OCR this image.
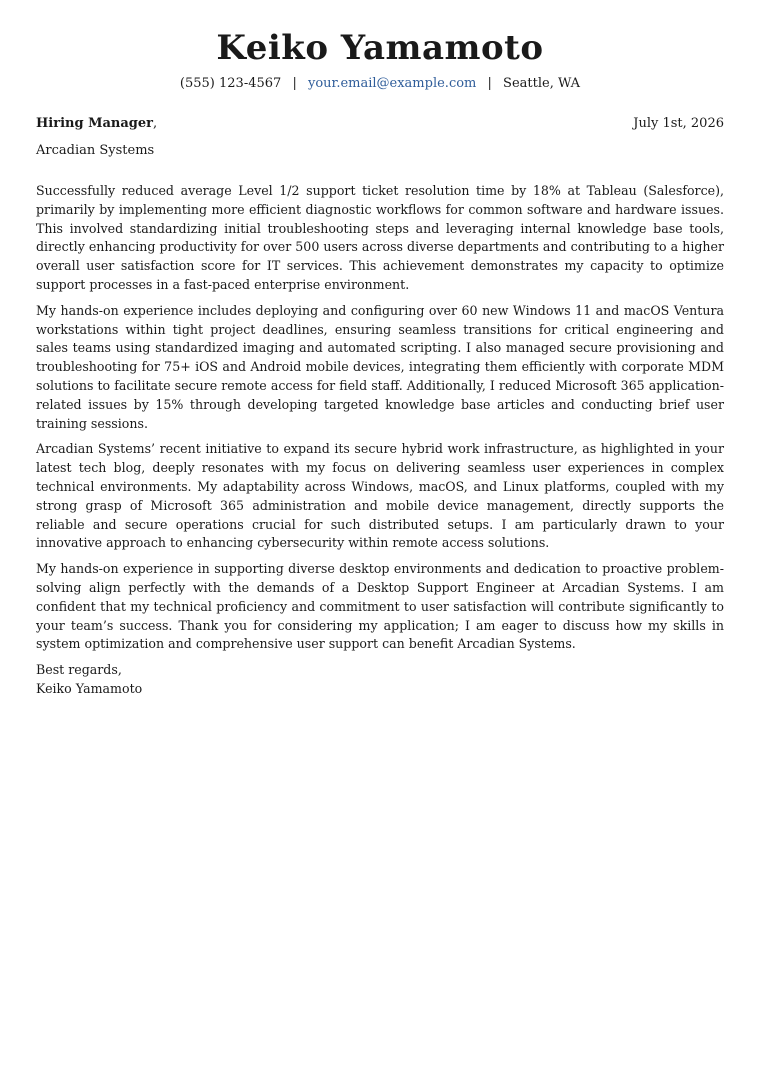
Keiko Yamamoto
(555) 123-4567 | your.email@example.com | Seattle, WA
Hiring Manager,	July 1st, 2026
Arcadian Systems

Successfully reduced average Level 1/2 support ticket resolution time by 18% at Tableau (Salesforce), primarily by implementing more efficient diagnostic workflows for common software and hardware issues. This involved standardizing initial troubleshooting steps and leveraging internal knowledge base tools, directly enhancing productivity for over 500 users across diverse departments and contributing to a higher overall user satisfaction score for IT services. This achievement demonstrates my capacity to optimize support processes in a fast-paced enterprise environment.

My hands-on experience includes deploying and configuring over 60 new Windows 11 and macOS Ventura workstations within tight project deadlines, ensuring seamless transitions for critical engineering and sales teams using standardized imaging and automated scripting. I also managed secure provisioning and troubleshooting for 75+ iOS and Android mobile devices, integrating them efficiently with corporate MDM solutions to facilitate secure remote access for field staff. Additionally, I reduced Microsoft 365 application-related issues by 15% through developing targeted knowledge base articles and conducting brief user training sessions.

Arcadian Systems’ recent initiative to expand its secure hybrid work infrastructure, as highlighted in your latest tech blog, deeply resonates with my focus on delivering seamless user experiences in complex technical environments. My adaptability across Windows, macOS, and Linux platforms, coupled with my strong grasp of Microsoft 365 administration and mobile device management, directly supports the reliable and secure operations crucial for such distributed setups. I am particularly drawn to your innovative approach to enhancing cybersecurity within remote access solutions.

My hands-on experience in supporting diverse desktop environments and dedication to proactive problem-solving align perfectly with the demands of a Desktop Support Engineer at Arcadian Systems. I am confident that my technical proficiency and commitment to user satisfaction will contribute significantly to your team’s success. Thank you for considering my application; I am eager to discuss how my skills in system optimization and comprehensive user support can benefit Arcadian Systems.

Best regards,
Keiko Yamamoto
